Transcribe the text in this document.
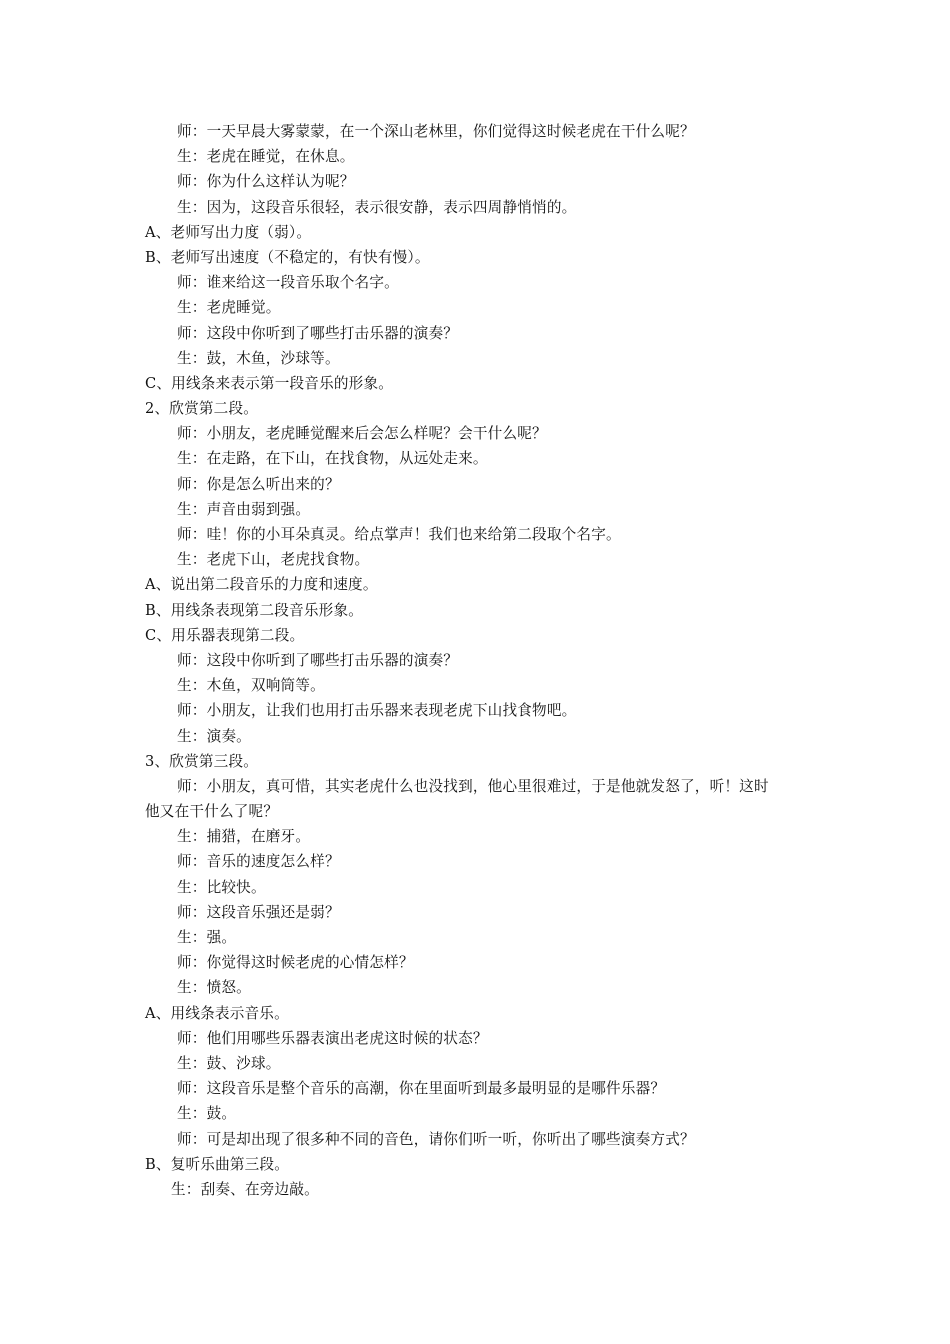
师：一天早晨大雾蒙蒙，在一个深山老林里，你们觉得这时候老虎在干什么呢？
生：老虎在睡觉，在休息。
师：你为什么这样认为呢？
生：因为，这段音乐很轻，表示很安静，表示四周静悄悄的。
A、老师写出力度（弱）。
B、老师写出速度（不稳定的，有快有慢）。
师：谁来给这一段音乐取个名字。
生：老虎睡觉。
师：这段中你听到了哪些打击乐器的演奏？
生：鼓，木鱼，沙球等。
C、用线条来表示第一段音乐的形象。
2、欣赏第二段。
师：小朋友，老虎睡觉醒来后会怎么样呢？会干什么呢？
生：在走路，在下山，在找食物，从远处走来。
师：你是怎么听出来的？
生：声音由弱到强。
师：哇！你的小耳朵真灵。给点掌声！我们也来给第二段取个名字。
生：老虎下山，老虎找食物。
A、说出第二段音乐的力度和速度。
B、用线条表现第二段音乐形象。
C、用乐器表现第二段。
师：这段中你听到了哪些打击乐器的演奏？
生：木鱼，双响筒等。
师：小朋友，让我们也用打击乐器来表现老虎下山找食物吧。
生：演奏。
3、欣赏第三段。
师：小朋友，真可惜，其实老虎什么也没找到，他心里很难过，于是他就发怒了，听！这时
他又在干什么了呢？
生：捕猎，在磨牙。
师：音乐的速度怎么样？
生：比较快。
师：这段音乐强还是弱？
生：强。
师：你觉得这时候老虎的心情怎样？
生：愤怒。
A、用线条表示音乐。
师：他们用哪些乐器表演出老虎这时候的状态？
生：鼓、沙球。
师：这段音乐是整个音乐的高潮，你在里面听到最多最明显的是哪件乐器？
生：鼓。
师：可是却出现了很多种不同的音色，请你们听一听，你听出了哪些演奏方式？
B、复听乐曲第三段。
生：刮奏、在旁边敲。
